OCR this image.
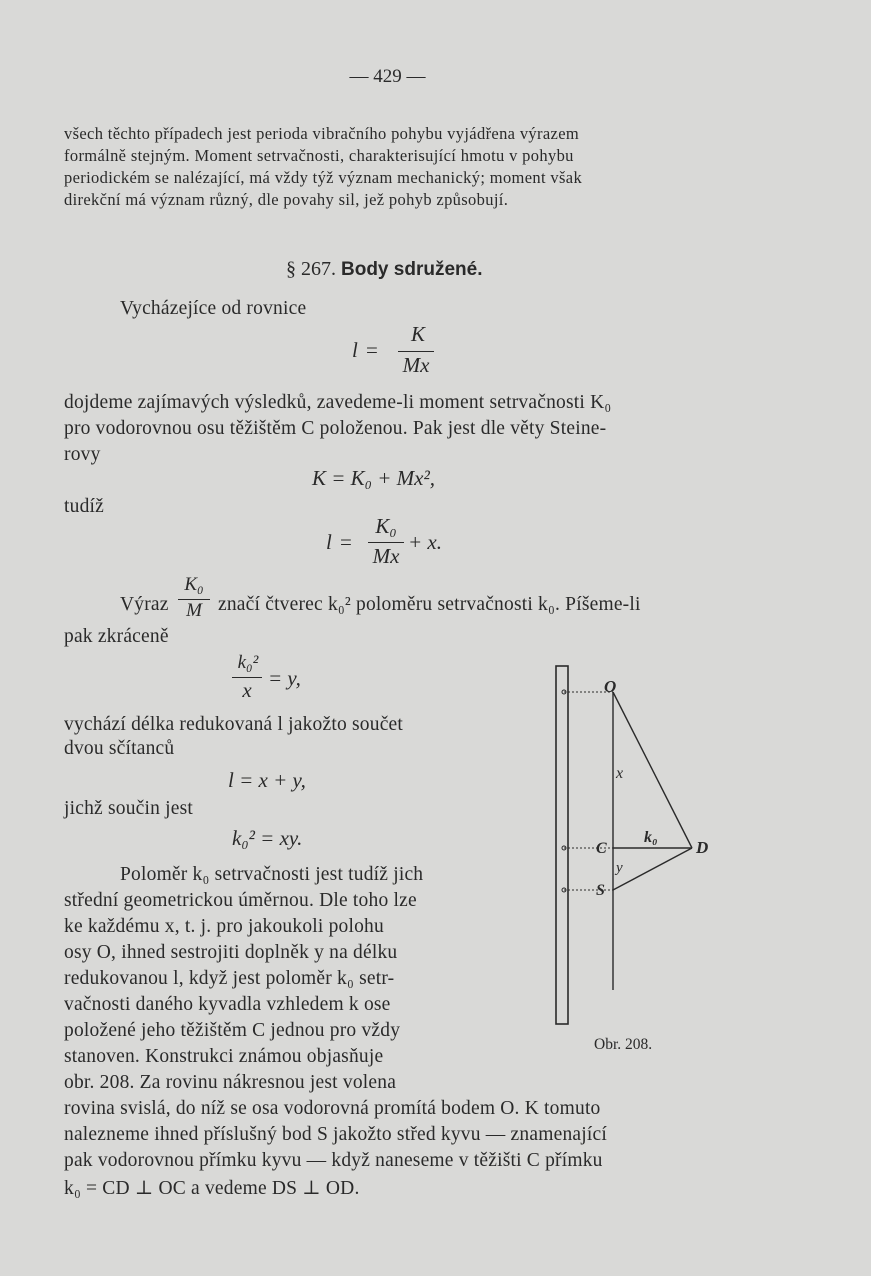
— 429 —
všech těchto případech jest perioda vibračního pohybu vyjádřena výrazem
formálně stejným. Moment setrvačnosti, charakterisující hmotu v pohybu
periodickém se nalézající, má vždy týž význam mechanický; moment však
direkční má význam různý, dle povahy sil, jež pohyb způsobují.
§ 267. Body sdružené.
Vycházejíce od rovnice
l =
K
Mx
dojdeme zajímavých výsledků, zavedeme-li moment setrvačnosti K₀
pro vodorovnou osu těžištěm C položenou. Pak jest dle věty Steine-
rovy
K = K₀ + Mx²,
tudíž
l =
K₀
Mx
+ x.
Výraz
K₀
M značí čtverec k₀² poloměru setrvačnosti k₀. Píšeme-li
pak zkráceně
k₀²
x = y,
vychází délka redukovaná l jakožto součet
dvou sčítanců
l = x + y,
jichž součin jest
k₀² = xy.
Poloměr k₀ setrvačnosti jest tudíž jich
střední geometrickou úměrnou. Dle toho lze
ke každému x, t. j. pro jakoukoli polohu
osy O, ihned sestrojiti doplněk y na délku
redukovanou l, když jest poloměr k₀ setr-
vačnosti daného kyvadla vzhledem k ose
položené jeho těžištěm C jednou pro vždy
stanoven. Konstrukci známou objasňuje
obr. 208. Za rovinu nákresnou jest volena
rovina svislá, do níž se osa vodorovná promítá bodem O. K tomuto
nalezneme ihned příslušný bod S jakožto střed kyvu — znamenající
pak vodorovnou přímku kyvu — když naneseme v těžišti C přímku
k₀ = CD ⊥ OC a vedeme DS ⊥ OD.
O
x
k₀
C
y
S
D
Obr. 208.
